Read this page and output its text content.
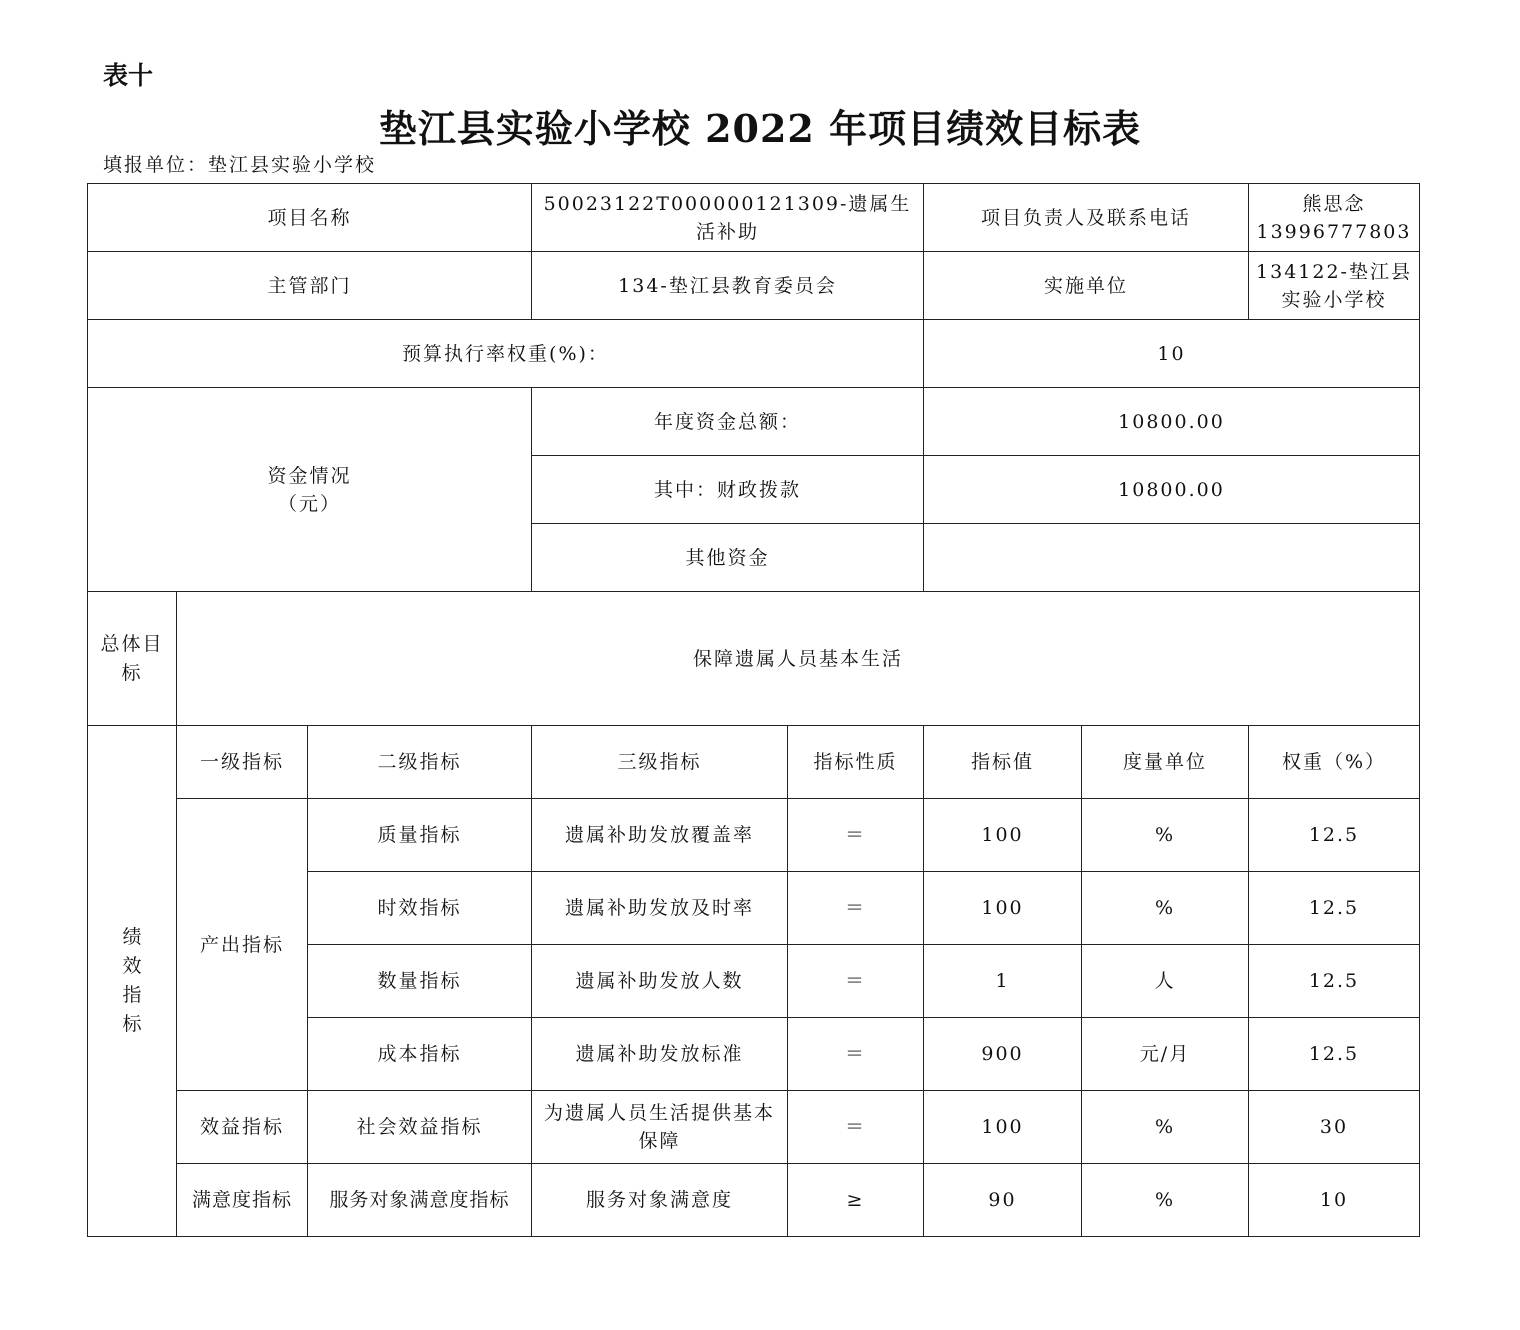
表十
垫江县实验小学校 2022 年项目绩效目标表
填报单位：垫江县实验小学校
项目名称			50023122T000000121309-遗属生活补助		项目负责人及联系电话		熊思念 13996777803
主管部门			134-垫江县教育委员会		实施单位		134122-垫江县实验小学校
预算执行率权重(%)：					10		

资金情况
（元）			年度资金总额：		10800.00		
			其中：财政拨款		10800.00		
			其他资金				
总体目标	保障遗属人员基本生活						
绩效指标	一级指标	二级指标	三级指标	指标性质	指标值	度量单位	权重（%）
	产出指标	质量指标	遗属补助发放覆盖率	＝	100	%	12.5
		时效指标	遗属补助发放及时率	＝	100	%	12.5
		数量指标	遗属补助发放人数	＝	1	人	12.5
		成本指标	遗属补助发放标准	＝	900	元/月	12.5
	效益指标	社会效益指标	为遗属人员生活提供基本保障	＝	100	%	30
	满意度指标	服务对象满意度指标	服务对象满意度	≥	90	%	10
